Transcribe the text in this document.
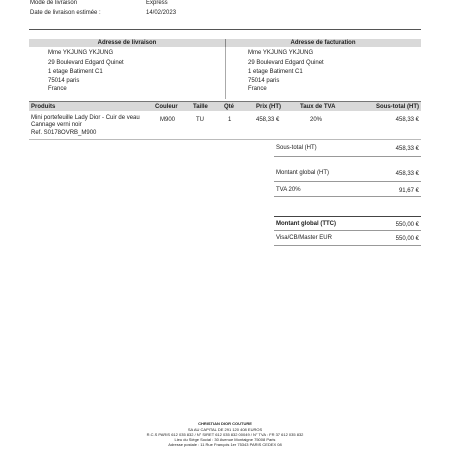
Mode de livraison	Express
Date de livraison estimée :	14/02/2023
Adresse de livraison	Adresse de facturation
Mme YKJUNG YKJUNG
29 Boulevard Edgard Quinet
1 etage Batiment C1
75014 paris
France
Mme YKJUNG YKJUNG
29 Boulevard Edgard Quinet
1 etage Batiment C1
75014 paris
France
Produits	Couleur	Taille	Qté	Prix (HT)	Taux de TVA	Sous-total (HT)
Mini portefeuille Lady Dior - Cuir de veau
Cannage verni noir
Ref. S0178OVRB_M900
M900	TU	1	458,33 €	20%	458,33 €
Sous-total (HT)	458,33 €
Montant global (HT)	458,33 €
TVA 20%	91,67 €
Montant global (TTC)	550,00 €
Visa/CB/Master EUR	550,00 €
CHRISTIAN DIOR COUTURE
SA AU CAPITAL DE 291 120 408 EUROS
R.C.S PARIS 612 035 832 / N° SIRET 612 035 832 00049 / N° TVA : FR 37 612 035 832
Lieu du Siège Social : 30 Avenue Montaigne 75008 Paris
Adresse postale : 11 Rue François 1er 75343 PARIS CEDEX 08
